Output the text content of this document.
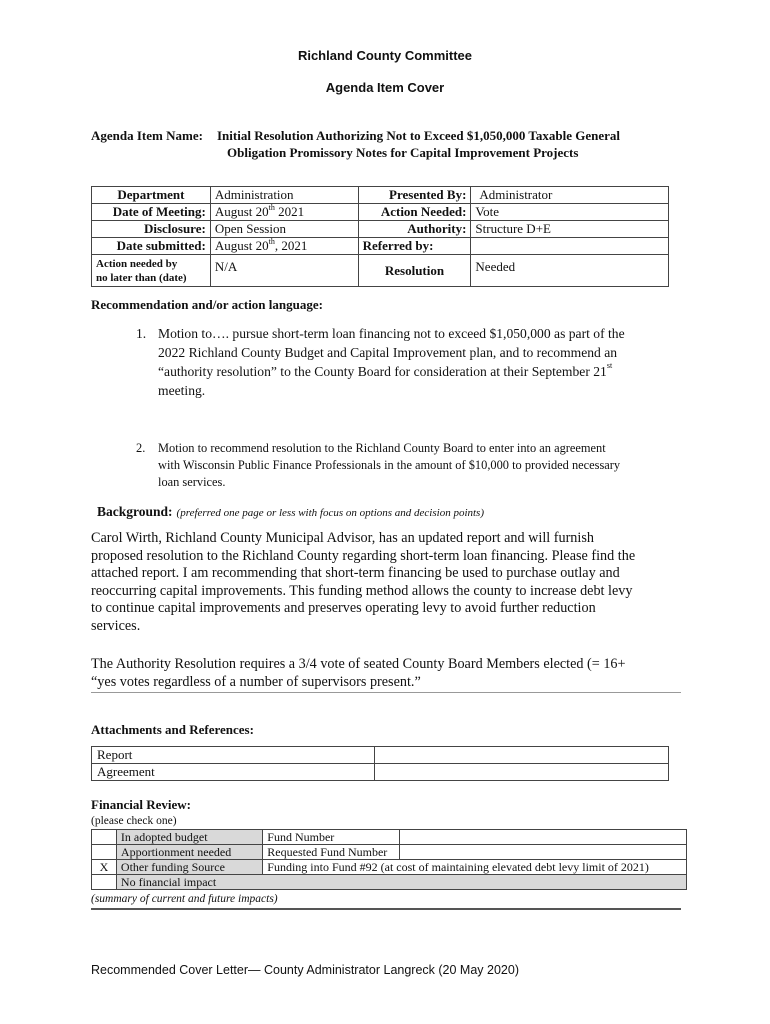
Richland County Committee
Agenda Item Cover
Agenda Item Name: Initial Resolution Authorizing Not to Exceed $1,050,000 Taxable General
Obligation Promissory Notes for Capital Improvement Projects
Department	Administration	Presented By:	Administrator
Date of Meeting:	August 20th 2021	Action Needed:	Vote
Disclosure:	Open Session	Authority:	Structure D+E
Date submitted:	August 20th, 2021	Referred by:	

Action needed by
no later than (date)	N/A	Resolution	Needed
Recommendation and/or action language:
1. Motion to…. pursue short-term loan financing not to exceed $1,050,000 as part of the
2022 Richland County Budget and Capital Improvement plan, and to recommend an
“authority resolution” to the County Board for consideration at their September 21st
meeting.
2. Motion to recommend resolution to the Richland County Board to enter into an agreement
with Wisconsin Public Finance Professionals in the amount of $10,000 to provided necessary
loan services.
Background: (preferred one page or less with focus on options and decision points)
Carol Wirth, Richland County Municipal Advisor, has an updated report and will furnish
proposed resolution to the Richland County regarding short-term loan financing. Please find the
attached report. I am recommending that short-term financing be used to purchase outlay and
reoccurring capital improvements. This funding method allows the county to increase debt levy
to continue capital improvements and preserves operating levy to avoid further reduction
services.
The Authority Resolution requires a 3/4 vote of seated County Board Members elected (= 16+
“yes votes regardless of a number of supervisors present.”
Attachments and References:
Report	
Agreement	
Financial Review:
(please check one)
	In adopted budget	Fund Number	
	Apportionment needed	Requested Fund Number	
X	Other funding Source	Funding into Fund #92 (at cost of maintaining elevated debt levy limit of 2021)	
	No financial impact		
(summary of current and future impacts)
Recommended Cover Letter— County Administrator Langreck (20 May 2020)
